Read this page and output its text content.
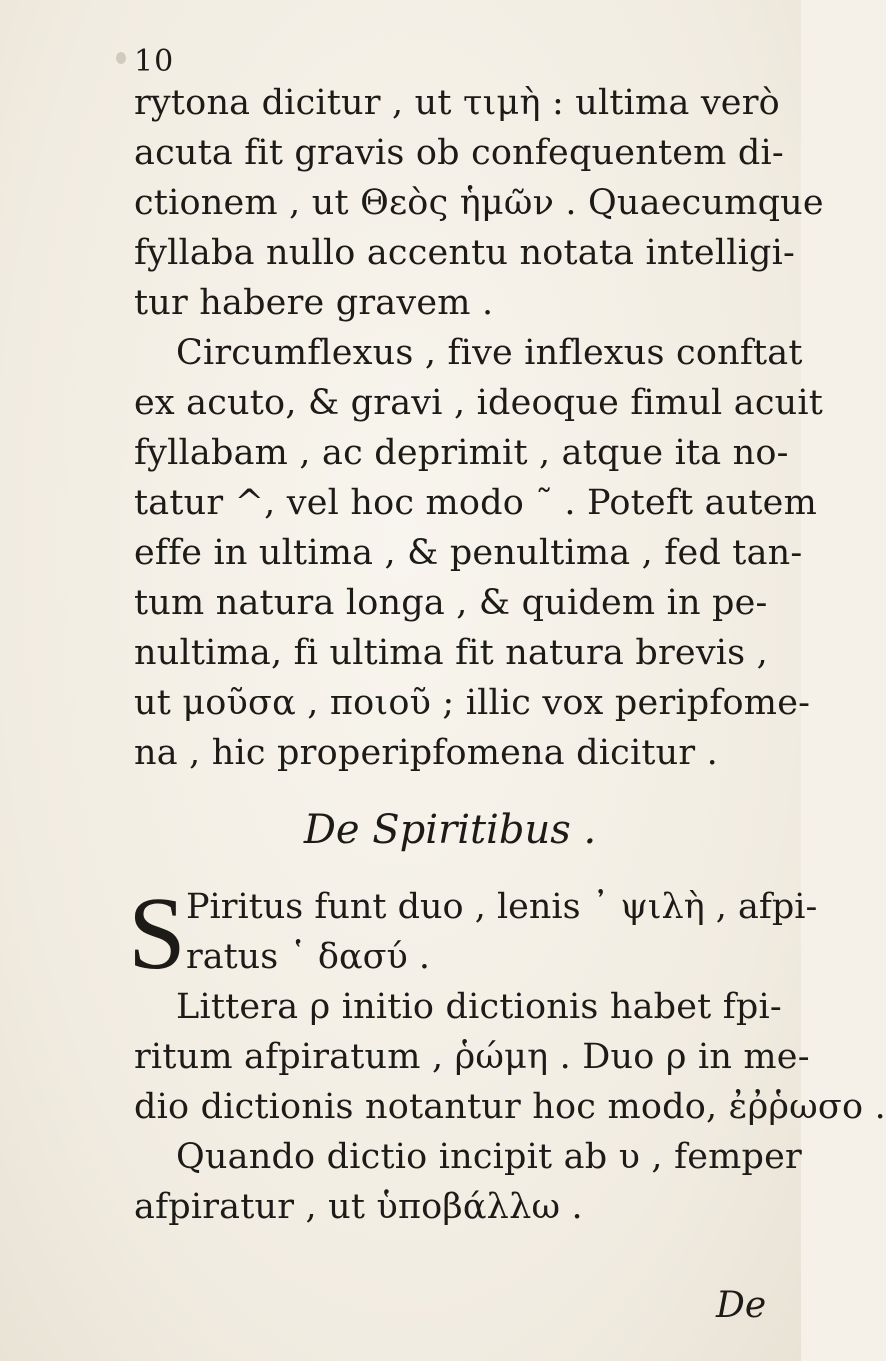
10
rytona dicitur , ut τιμὴ : ultima verò
acuta fit gravis ob confequentem di-
ctionem , ut Θεὸς ἡμῶν . Quaecumque
fyllaba nullo accentu notata intelligi-
tur habere gravem .
Circumflexus , five inflexus conftat
ex acuto, & gravi , ideoque fimul acuit
fyllabam , ac deprimit , atque ita no-
tatur ^, vel hoc modo ῀ . Poteft autem
effe in ultima , & penultima , fed tan-
tum natura longa , & quidem in pe-
nultima, fi ultima fit natura brevis ,
ut μοῦσα , ποιοῦ ; illic vox peripfome-
na , hic properipfomena dicitur .
De Spiritibus .
S Piritus funt duo , lenis ᾿ ψιλὴ , afpi-
ratus ῾ δασύ .
Littera ρ initio dictionis habet fpi-
ritum afpiratum , ῥώμη . Duo ρ in me-
dio dictionis notantur hoc modo, ἐῤῥωσο .
Quando dictio incipit ab υ , femper
afpiratur , ut ὑποβάλλω .
De
